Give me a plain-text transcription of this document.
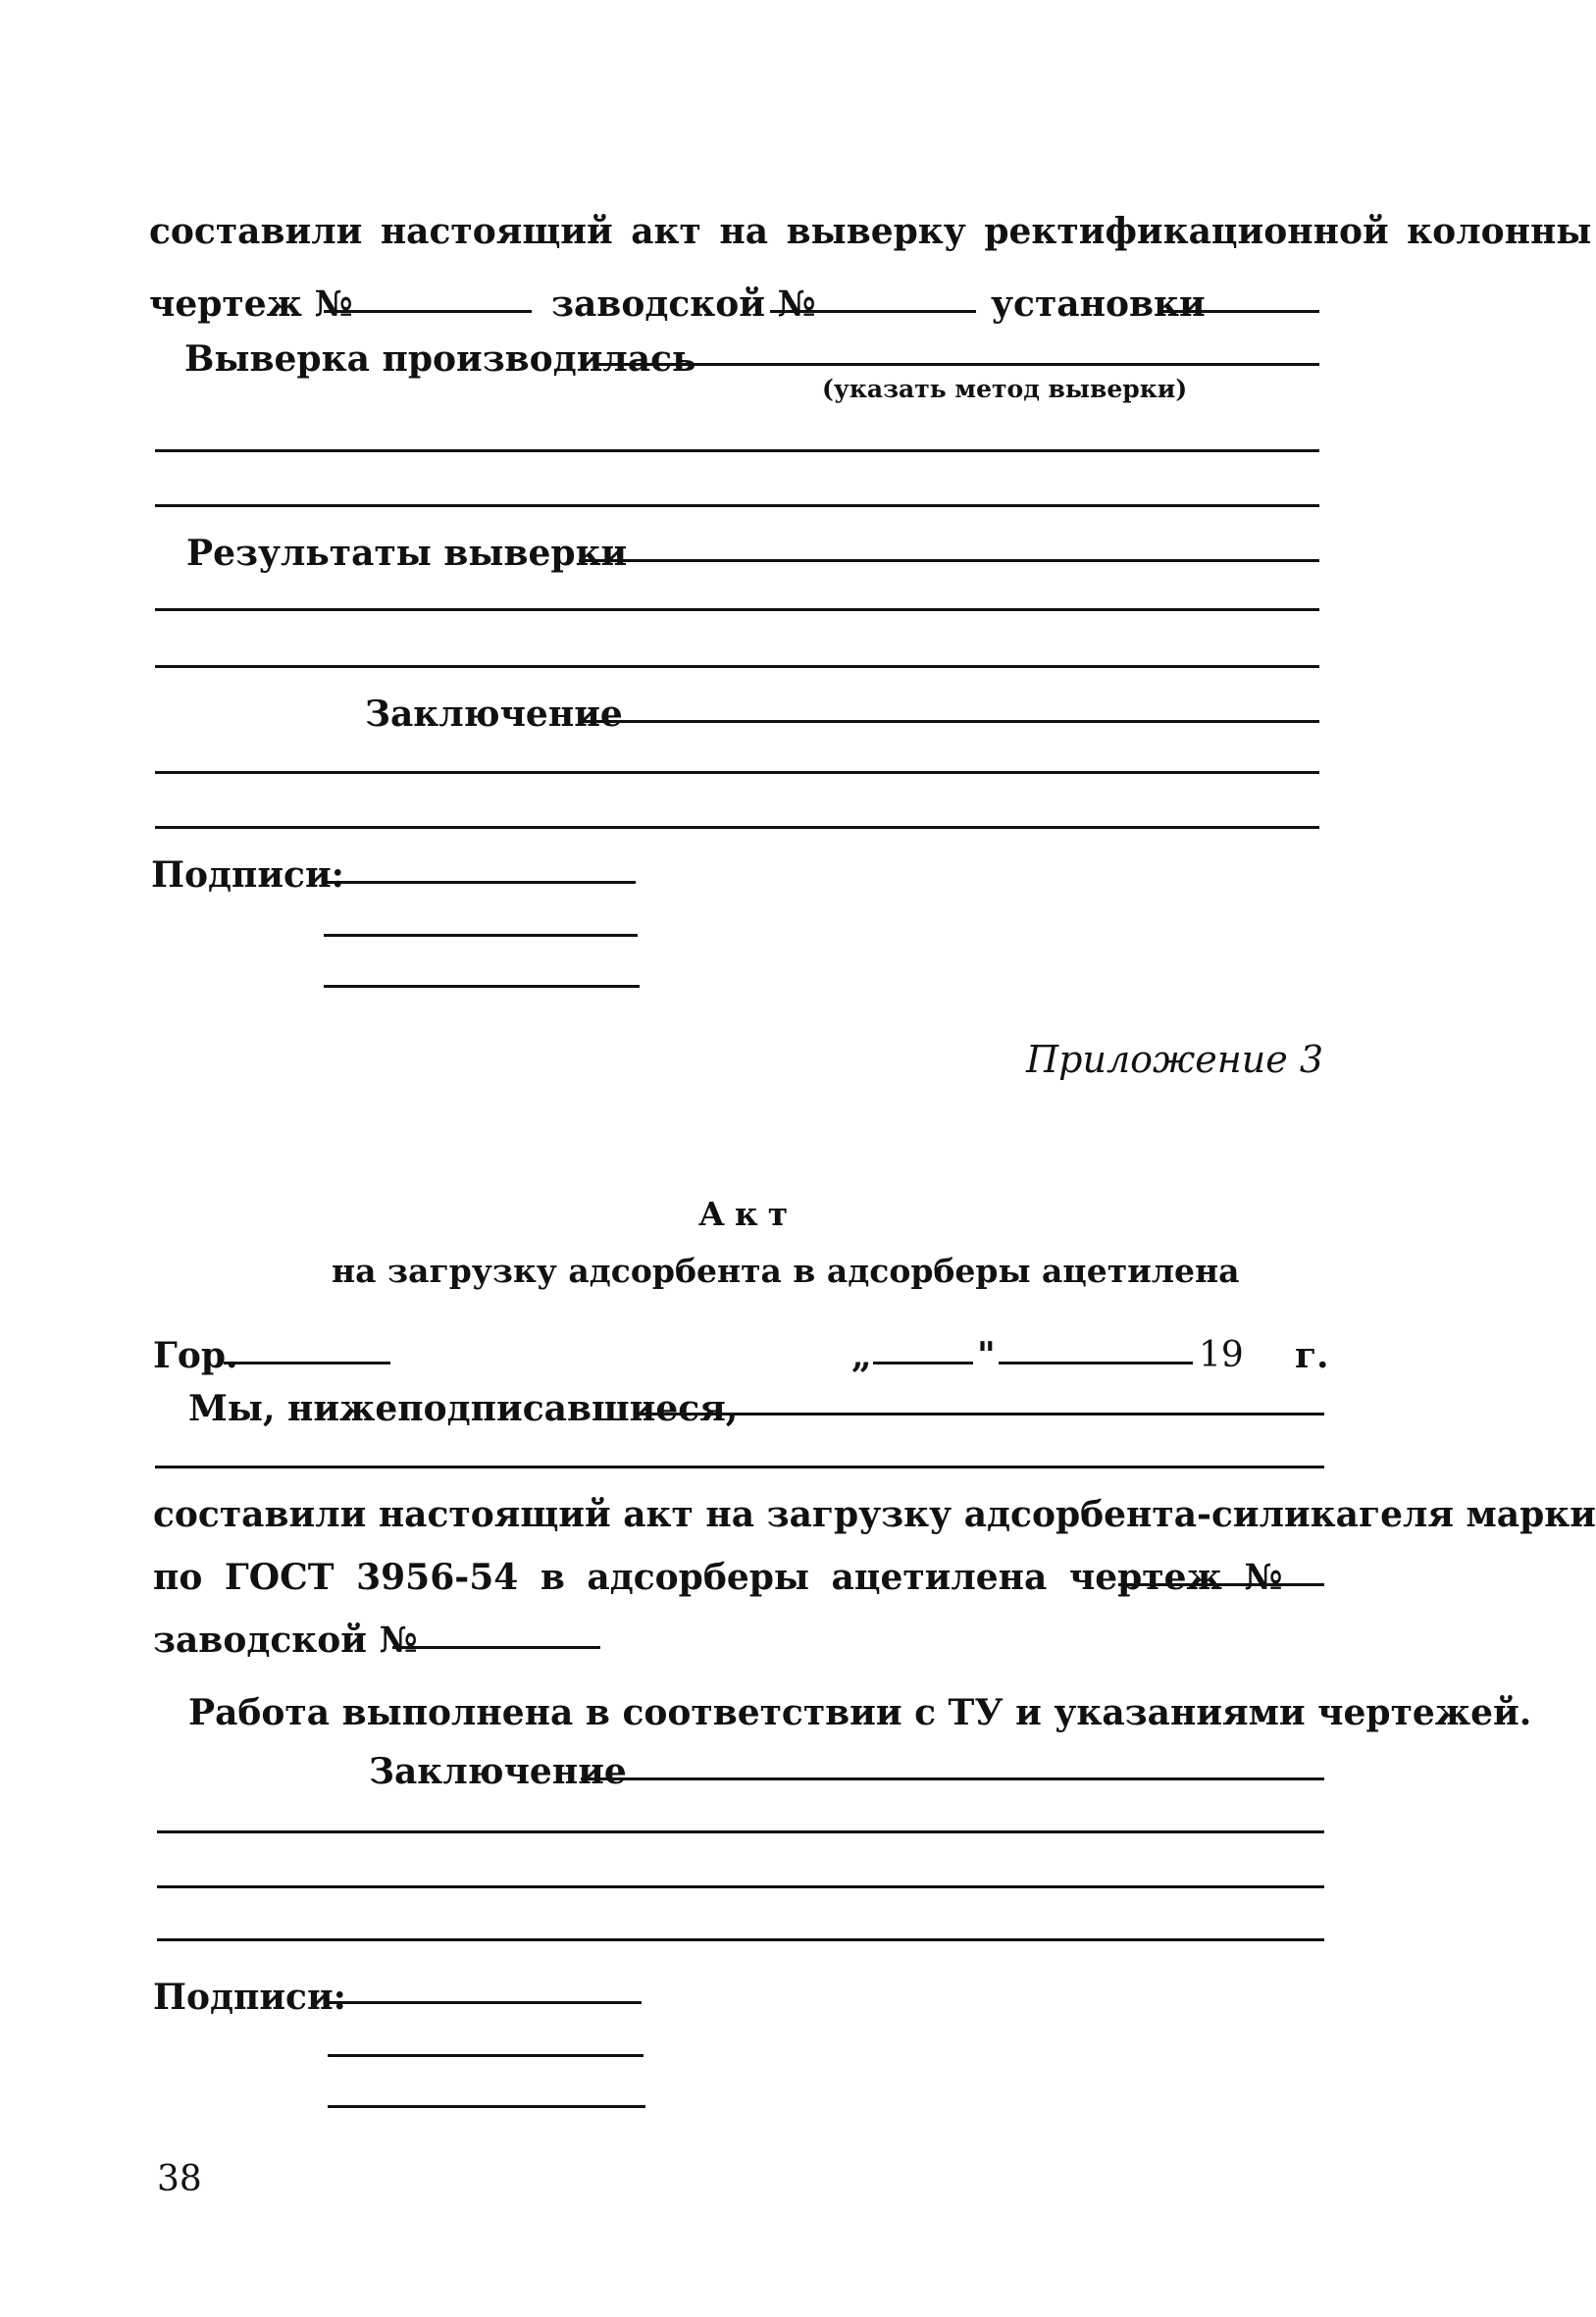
составили настоящий акт на выверку ректификационной колонны
чертеж №	заводской №	установки
Выверка производилась
(указать метод выверки)
Результаты выверки
Заключение
Подписи:
Приложение 3
Акт
на загрузку адсорбента в адсорберы ацетилена
Гор.	„	"	19 г.
Мы, нижеподписавшиеся,
составили настоящий акт на загрузку адсорбента-силикагеля марки
по ГОСТ 3956-54 в адсорберы ацетилена чертеж №
заводской №
Работа выполнена в соответствии с ТУ и указаниями чертежей.
Заключение
Подписи:
38
